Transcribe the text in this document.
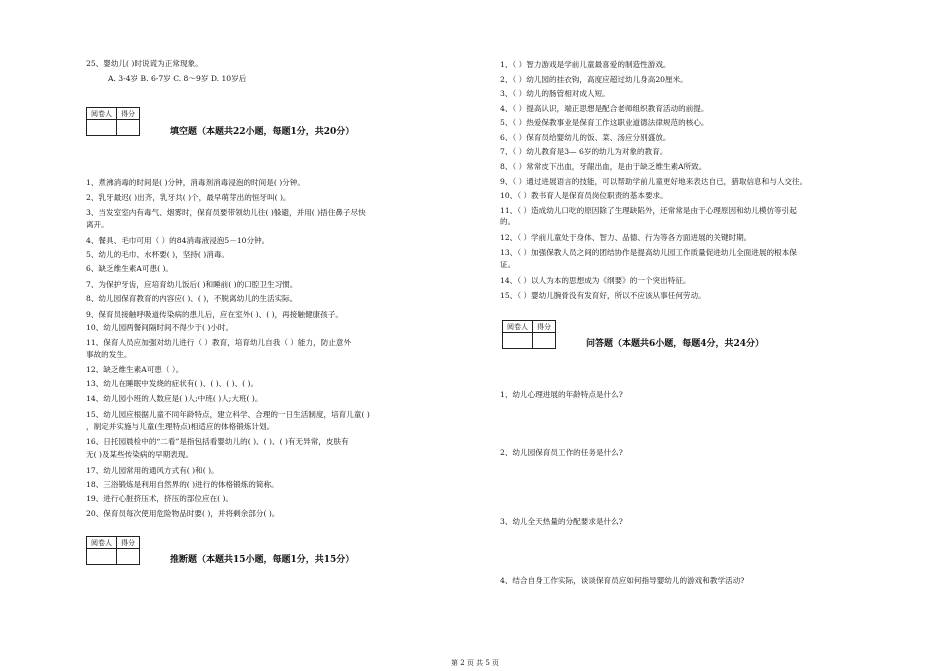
25、婴幼儿( )时说谎为正常现象。
A. 3-4岁 B. 6-7岁 C. 8～9岁 D. 10岁后
阅卷人	得分

填空题（本题共22小题，每题1分，共20分）
1、煮沸消毒的时间是( )分钟，消毒剂消毒浸泡的时间是( )分钟。
2、乳牙最迟( )出齐，乳牙共( )个，最早萌芽出的恒牙叫( )。
3、当发室室内有毒气、烟雾时，保育员要带领幼儿往( )躲避，并用( )捂住鼻子尽快
离开。
4、餐具、毛巾可用（ ）的84消毒液浸泡5－10分钟。
5、幼儿的毛巾、水杯要( )，坚持( )消毒。
6、缺乏维生素A可患( )。
7、为保护牙齿，应培育幼儿饭后( )和睡前( )的口腔卫生习惯。
8、幼儿园保育教育的内容应( )、( )，不脱离幼儿的生活实际。
9、保育员接触呼吸道传染病的患儿后，应在室外( )、( )，再接触健康孩子。
10、幼儿园两餐间隔时间不得少于( )小时。
11、保育人员应加强对幼儿进行（ ）教育，培育幼儿自我（ ）能力，防止意外
事故的发生。
12、缺乏维生素A可患（ ）。
13、幼儿在睡眠中发烧的症状有( )、( )、( )、( )。
14、幼儿园小班的人数应是( )人;中班( )人;大班( )。
15、幼儿园应根据儿童不同年龄特点，建立科学、合理的一日生活制度，培育儿童( )
，制定并实施与儿童(生理特点)相适应的体格锻炼计划。
16、日托园晨检中的“二看”是指包括看婴幼儿的( )、( )、( )有无异常，皮肤有
无( )及某些传染病的早期表现。
17、幼儿园常用的通风方式有( )和( )。
18、三浴锻炼是利用自然界的( )进行的体格锻炼的简称。
19、进行心脏挤压术，挤压的部位应在( )。
20、保育员每次使用危险物品时要( )，并将剩余部分( )。
阅卷人	得分

推断题（本题共15小题，每题1分，共15分）
1、（ ）智力游戏是学前儿童最喜爱的制造性游戏。
2、（ ）幼儿园的挂衣钩，高度应超过幼儿身高20厘米。
3、（ ）幼儿的肠管相对成人短。
4、（ ）提高认识，端正思想是配合老师组织教育活动的前提。
5、（ ）热爱保教事业是保育工作这职业道德法律规范的核心。
6、（ ）保育员给婴幼儿的饭、菜、汤应分别盛放。
7、（ ）幼儿教育是3— 6岁的幼儿为对象的教育。
8、（ ）常常皮下出血，牙龈出血，是由于缺乏维生素A所致。
9、（ ）通过进展语言的技能，可以帮助学前儿童更好地来表达自已，猎取信息和与人交往。
10、（ ）教书育人是保育员岗位职责的基本要求。
11、（ ）造成幼儿口吃的原因除了生理缺陷外，还常常是由于心理原因和幼儿模仿等引起
的。
12、（ ）学前儿童处于身体、智力、品德、行为等各方面进展的关键时期。
13、（ ）加强保教人员之间的团结协作是提高幼儿园工作质量促进幼儿全面进展的根本保
证。
14、（ ）以人为本的思想成为《纲要》的一个突出特征。
15、（ ）婴幼儿腕骨没有发育好，所以不应该从事任何劳动。
阅卷人	得分

问答题（本题共6小题，每题4分，共24分）
1、幼儿心理进展的年龄特点是什么?
2、幼儿园保育员工作的任务是什么?
3、幼儿全天热量的分配要求是什么?
4、结合自身工作实际，谈谈保育员应如何指导婴幼儿的游戏和教学活动?
第 2 页 共 5 页
